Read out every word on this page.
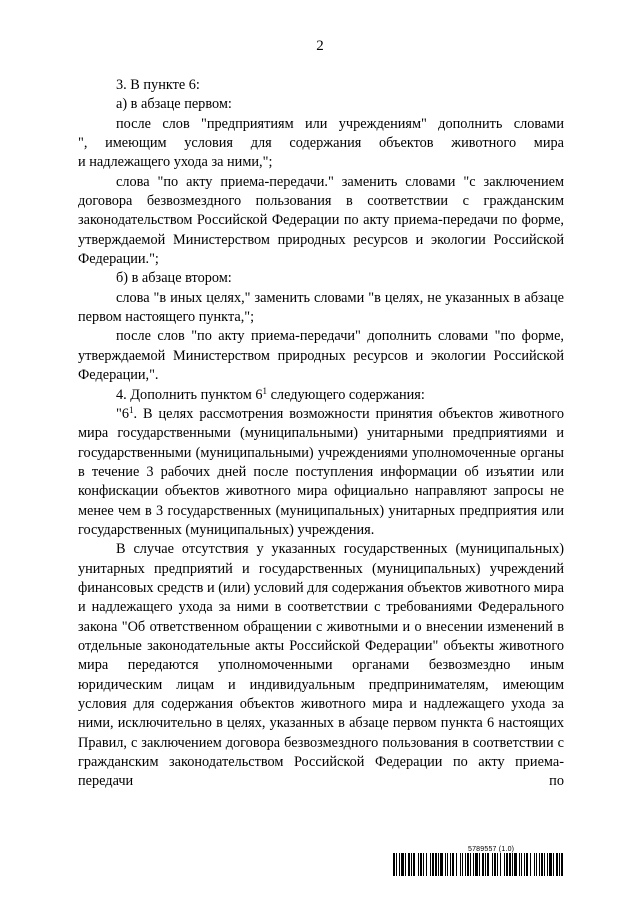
2

3. В пункте 6:

а) в абзаце первом:

после слов "предприятиям или учреждениям" дополнить словами

", имеющим условия для содержания объектов животного мира

и надлежащего ухода за ними,";

слова "по акту приема-передачи." заменить словами "с заключением договора безвозмездного пользования в соответствии с гражданским законодательством Российской Федерации по акту приема-передачи по форме, утверждаемой Министерством природных ресурсов и экологии Российской Федерации.";

б) в абзаце втором:

слова "в иных целях," заменить словами "в целях, не указанных в абзаце первом настоящего пункта,";

после слов "по акту приема-передачи" дополнить словами "по форме, утверждаемой Министерством природных ресурсов и экологии Российской Федерации,".

4. Дополнить пунктом $6^1$ следующего содержания:

"$6^1$. В целях рассмотрения возможности принятия объектов животного мира государственными (муниципальными) унитарными предприятиями и государственными (муниципальными) учреждениями уполномоченные органы в течение 3 рабочих дней после поступления информации об изъятии или конфискации объектов животного мира официально направляют запросы не менее чем в 3 государственных (муниципальных) унитарных предприятия или государственных (муниципальных) учреждения.

В случае отсутствия у указанных государственных (муниципальных) унитарных предприятий и государственных (муниципальных) учреждений финансовых средств и (или) условий для содержания объектов животного мира и надлежащего ухода за ними в соответствии с требованиями Федерального закона "Об ответственном обращении с животными и о внесении изменений в отдельные законодательные акты Российской Федерации" объекты животного мира передаются уполномоченными органами безвозмездно иным юридическим лицам и индивидуальным предпринимателям, имеющим условия для содержания объектов животного мира и надлежащего ухода за ними, исключительно в целях, указанных в абзаце первом пункта 6 настоящих Правил, с заключением договора безвозмездного пользования в соответствии с гражданским законодательством Российской Федерации по акту приема-передачи по

5789557 (1.0)
